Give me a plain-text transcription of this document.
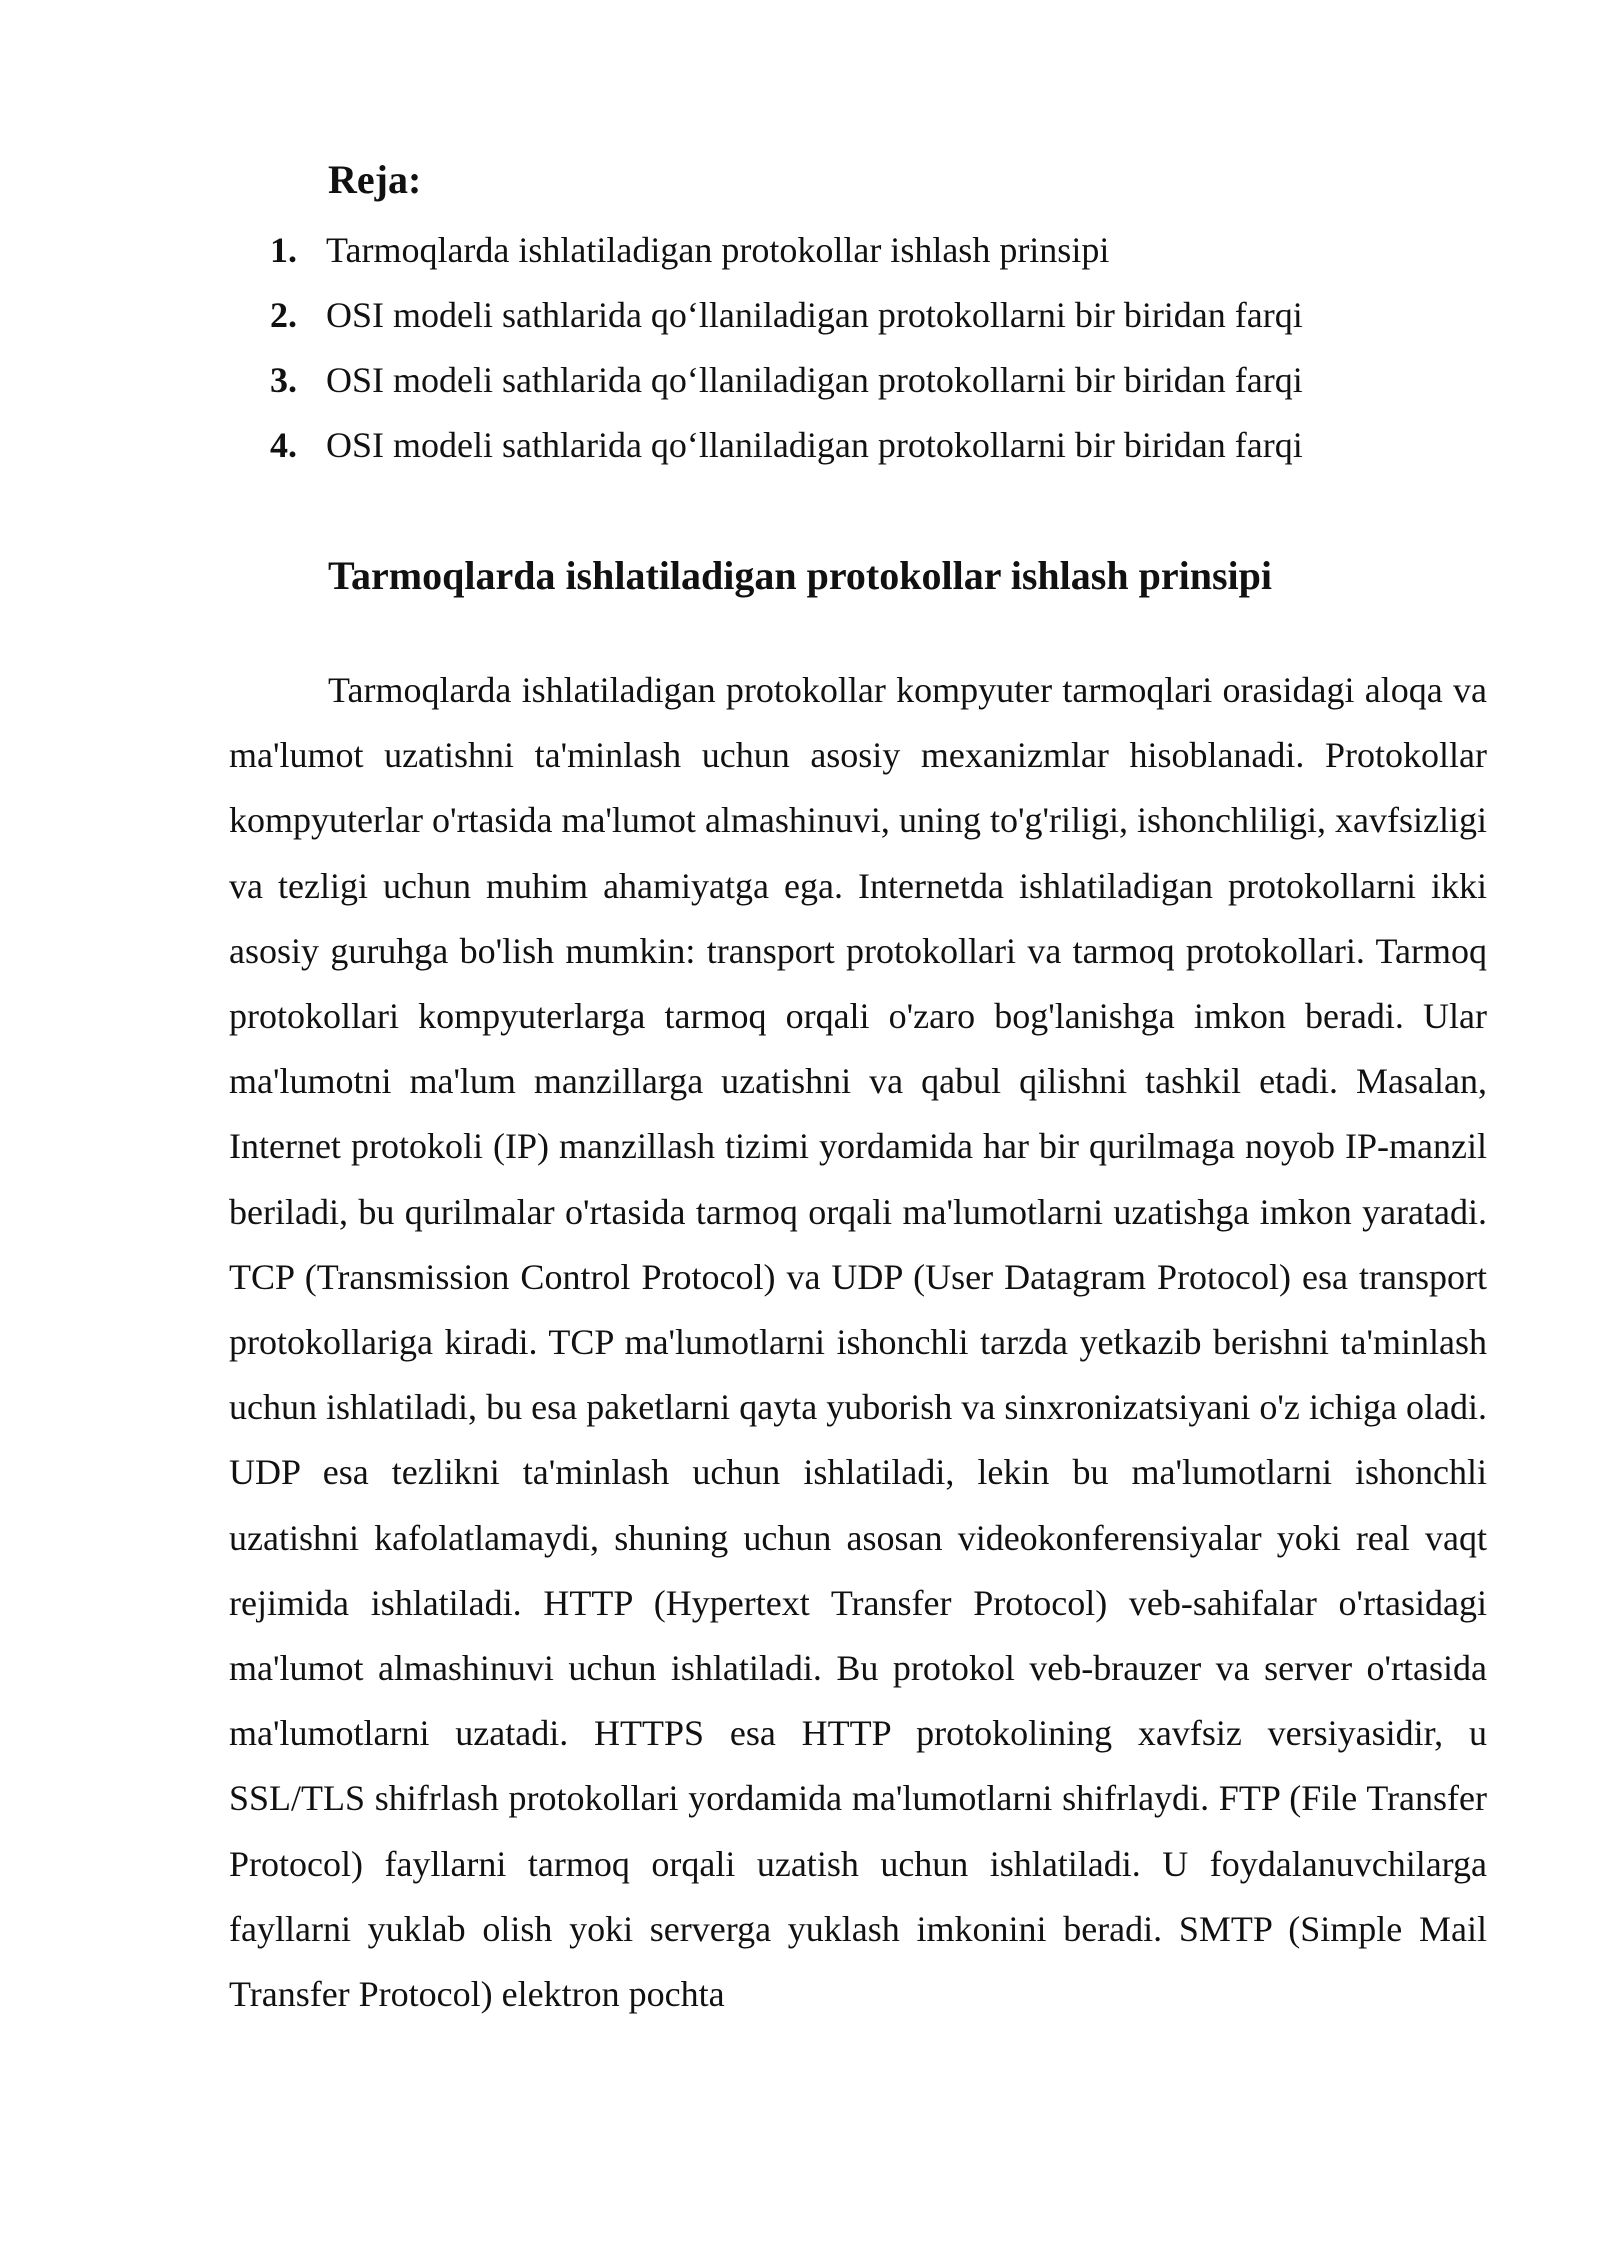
Reja:
1. Tarmoqlarda ishlatiladigan protokollar ishlash prinsipi
2. OSI modeli sathlarida qo‘llaniladigan protokollarni bir biridan farqi
3. OSI modeli sathlarida qo‘llaniladigan protokollarni bir biridan farqi
4. OSI modeli sathlarida qo‘llaniladigan protokollarni bir biridan farqi
Tarmoqlarda ishlatiladigan protokollar ishlash prinsipi

Tarmoqlarda ishlatiladigan protokollar kompyuter tarmoqlari orasidagi aloqa va ma'lumot uzatishni ta'minlash uchun asosiy mexanizmlar hisoblanadi. Protokollar kompyuterlar o'rtasida ma'lumot almashinuvi, uning to'g'riligi, ishonchliligi, xavfsizligi va tezligi uchun muhim ahamiyatga ega. Internetda ishlatiladigan protokollarni ikki asosiy guruhga bo'lish mumkin: transport protokollari va tarmoq protokollari. Tarmoq protokollari kompyuterlarga tarmoq orqali o'zaro bog'lanishga imkon beradi. Ular ma'lumotni ma'lum manzillarga uzatishni va qabul qilishni tashkil etadi. Masalan, Internet protokoli (IP) manzillash tizimi yordamida har bir qurilmaga noyob IP-manzil beriladi, bu qurilmalar o'rtasida tarmoq orqali ma'lumotlarni uzatishga imkon yaratadi. TCP (Transmission Control Protocol) va UDP (User Datagram Protocol) esa transport protokollariga kiradi. TCP ma'lumotlarni ishonchli tarzda yetkazib berishni ta'minlash uchun ishlatiladi, bu esa paketlarni qayta yuborish va sinxronizatsiyani o'z ichiga oladi. UDP esa tezlikni ta'minlash uchun ishlatiladi, lekin bu ma'lumotlarni ishonchli uzatishni kafolatlamaydi, shuning uchun asosan videokonferensiyalar yoki real vaqt rejimida ishlatiladi. HTTP (Hypertext Transfer Protocol) veb-sahifalar o'rtasidagi ma'lumot almashinuvi uchun ishlatiladi. Bu protokol veb-brauzer va server o'rtasida ma'lumotlarni uzatadi. HTTPS esa HTTP protokolining xavfsiz versiyasidir, u SSL/TLS shifrlash protokollari yordamida ma'lumotlarni shifrlaydi. FTP (File Transfer Protocol) fayllarni tarmoq orqali uzatish uchun ishlatiladi. U foydalanuvchilarga fayllarni yuklab olish yoki serverga yuklash imkonini beradi. SMTP (Simple Mail Transfer Protocol) elektron pochta
